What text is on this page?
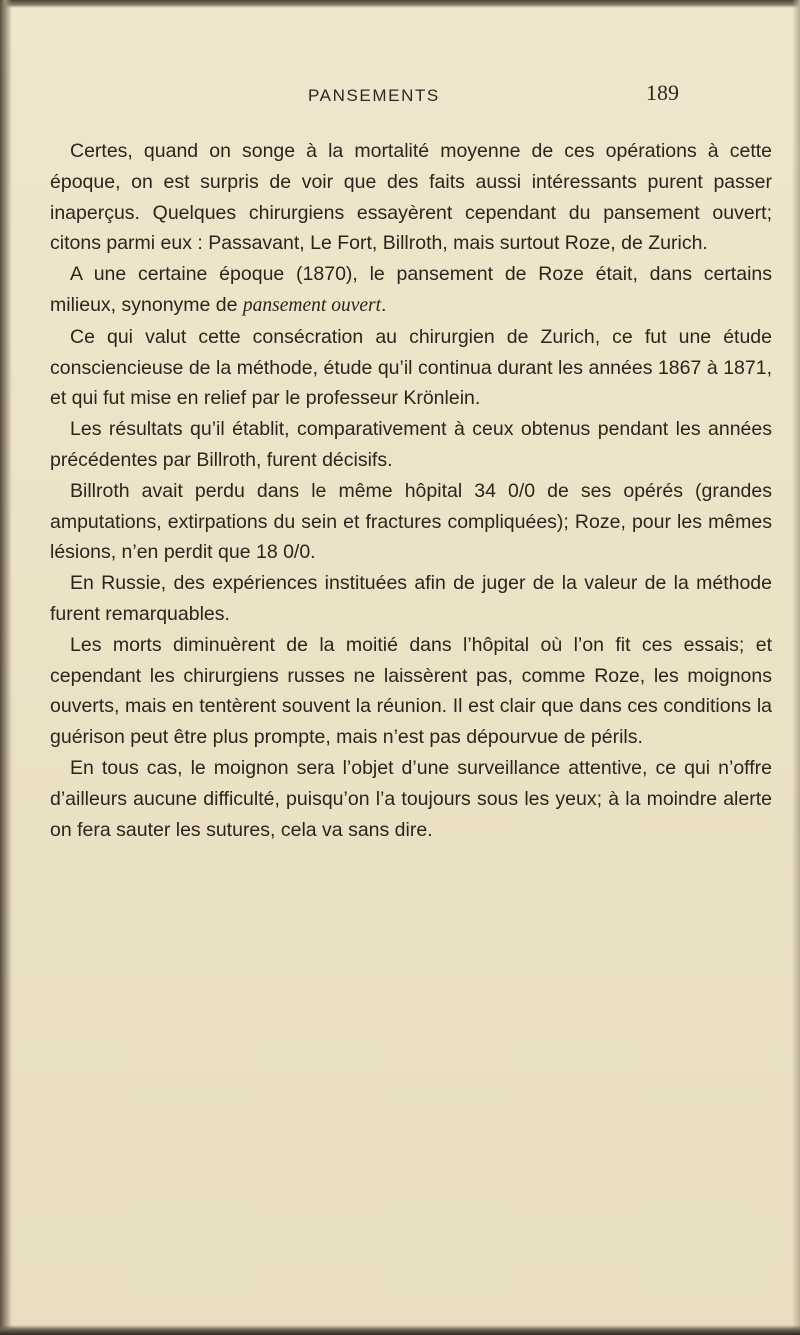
PANSEMENTS	189

Certes, quand on songe à la mortalité moyenne de ces opérations à cette époque, on est surpris de voir que des faits aussi intéressants purent passer inaperçus. Quelques chirurgiens essayèrent cependant du pansement ouvert; citons parmi eux : Passavant, Le Fort, Billroth, mais surtout Roze, de Zurich.

A une certaine époque (1870), le pansement de Roze était, dans certains milieux, synonyme de pansement ouvert.

Ce qui valut cette consécration au chirurgien de Zurich, ce fut une étude consciencieuse de la méthode, étude qu’il continua durant les années 1867 à 1871, et qui fut mise en relief par le professeur Krönlein.

Les résultats qu’il établit, comparativement à ceux obtenus pendant les années précédentes par Billroth, furent décisifs.

Billroth avait perdu dans le même hôpital 34 0/0 de ses opérés (grandes amputations, extirpations du sein et fractures compliquées); Roze, pour les mêmes lésions, n’en perdit que 18 0/0.

En Russie, des expériences instituées afin de juger de la valeur de la méthode furent remarquables.

Les morts diminuèrent de la moitié dans l’hôpital où l’on fit ces essais; et cependant les chirurgiens russes ne laissèrent pas, comme Roze, les moignons ouverts, mais en tentèrent souvent la réunion. Il est clair que dans ces conditions la guérison peut être plus prompte, mais n’est pas dépourvue de périls.

En tous cas, le moignon sera l’objet d’une surveillance attentive, ce qui n’offre d’ailleurs aucune difficulté, puisqu’on l’a toujours sous les yeux; à la moindre alerte on fera sauter les sutures, cela va sans dire.
